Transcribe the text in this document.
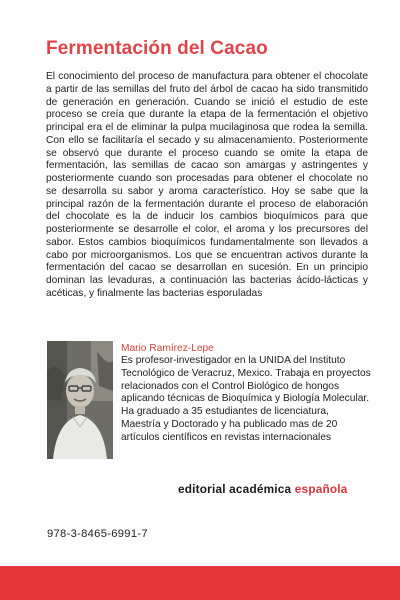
Fermentación del Cacao

El conocimiento del proceso de manufactura para obtener el chocolate a partir de las semillas del fruto del árbol de cacao ha sido transmitido de generación en generación. Cuando se inició el estudio de este proceso se creía que durante la etapa de la fermentación el objetivo principal era el de eliminar la pulpa mucilaginosa que rodea la semilla. Con ello se facilitaría el secado y su almacenamiento. Posteriormente se observó que durante el proceso cuando se omite la etapa de fermentación, las semillas de cacao son amargas y astringentes y posteriormente cuando son procesadas para obtener el chocolate no se desarrolla su sabor y aroma característico. Hoy se sabe que la principal razón de la fermentación durante el proceso de elaboración del chocolate es la de inducir los cambios bioquímicos para que posteriormente se desarrolle el color, el aroma y los precursores del sabor. Estos cambios bioquímicos fundamentalmente son llevados a cabo por microorganismos. Los que se encuentran activos durante la fermentación del cacao se desarrollan en sucesión. En un principio dominan las levaduras, a continuación las bacterias ácido-lácticas y acéticas, y finalmente las bacterias esporuladas

Mario Ramírez-Lepe

Es profesor-investigador en la UNIDA del Instituto Tecnológico de Veracruz, Mexico. Trabaja en proyectos relacionados con el Control Biológico de hongos aplicando técnicas de Bioquímica y Biología Molecular. Ha graduado a 35 estudiantes de licenciatura, Maestría y Doctorado y ha publicado mas de 20 artículos científicos en revistas internacionales

editorial académica española
978-3-8465-6991-7
